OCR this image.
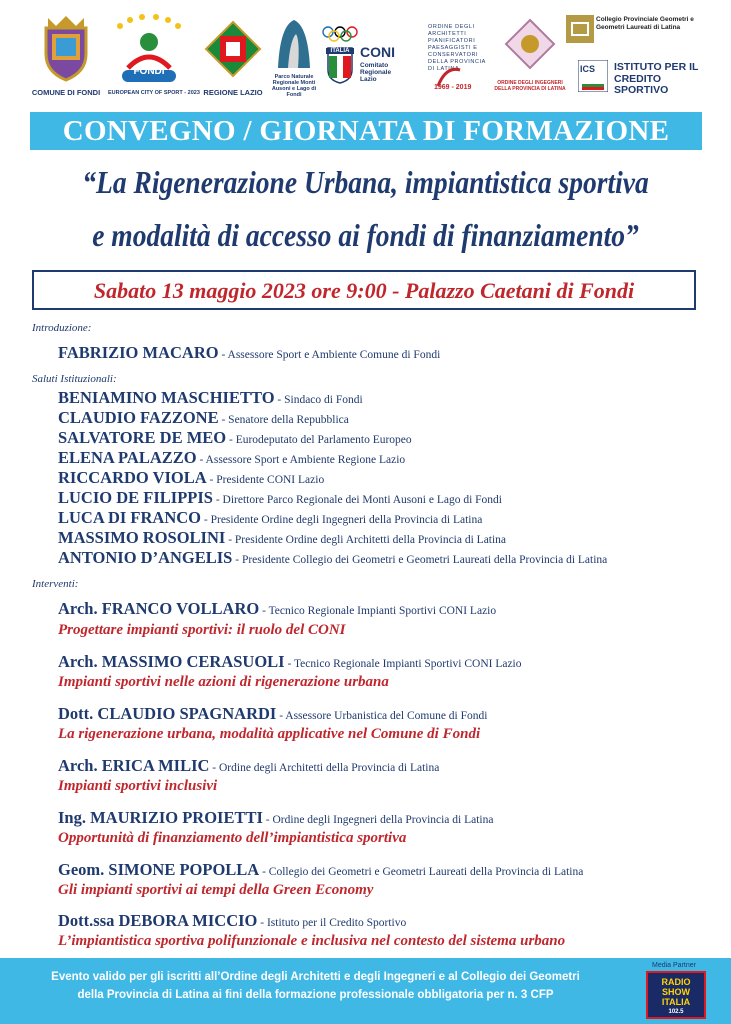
COMUNE DI FONDI
FONDI
EUROPEAN CITY OF SPORT - 2023 REGIONE LAZIO
Parco Naturale Regionale Monti Ausoni e Lago di Fondi
ITALIA CONI
Comitato Regionale Lazio
ORDINE DEGLI ARCHITETTI PIANIFICATORI PAESAGGISTI E CONSERVATORI DELLA PROVINCIA DI LATINA
1969 - 2019
ORDINE DEGLI INGEGNERI DELLA PROVINCIA DI LATINA
Collegio Provinciale Geometri e Geometri Laureati di Latina
ICS	ISTITUTO PER IL CREDITO SPORTIVO
CONVEGNO / GIORNATA DI FORMAZIONE
“La Rigenerazione Urbana, impiantistica sportiva
e modalità di accesso ai fondi di finanziamento”
Sabato 13 maggio 2023 ore 9:00 - Palazzo Caetani di Fondi
Introduzione:
FABRIZIO MACARO - Assessore Sport e Ambiente Comune di Fondi
Saluti Istituzionali:
BENIAMINO MASCHIETTO - Sindaco di Fondi
CLAUDIO FAZZONE - Senatore della Repubblica
SALVATORE DE MEO - Eurodeputato del Parlamento Europeo
ELENA PALAZZO - Assessore Sport e Ambiente Regione Lazio
RICCARDO VIOLA - Presidente CONI Lazio
LUCIO DE FILIPPIS - Direttore Parco Regionale dei Monti Ausoni e Lago di Fondi
LUCA DI FRANCO - Presidente Ordine degli Ingegneri della Provincia di Latina
MASSIMO ROSOLINI - Presidente Ordine degli Architetti della Provincia di Latina
ANTONIO D’ANGELIS - Presidente Collegio dei Geometri e Geometri Laureati della Provincia di Latina
Interventi:
Arch. FRANCO VOLLARO - Tecnico Regionale Impianti Sportivi CONI Lazio
Progettare impianti sportivi: il ruolo del CONI
Arch. MASSIMO CERASUOLI - Tecnico Regionale Impianti Sportivi CONI Lazio
Impianti sportivi nelle azioni di rigenerazione urbana
Dott. CLAUDIO SPAGNARDI - Assessore Urbanistica del Comune di Fondi
La rigenerazione urbana, modalità applicative nel Comune di Fondi
Arch. ERICA MILIC - Ordine degli Architetti della Provincia di Latina
Impianti sportivi inclusivi
Ing. MAURIZIO PROIETTI - Ordine degli Ingegneri della Provincia di Latina
Opportunità di finanziamento dell’impiantistica sportiva
Geom. SIMONE POPOLLA - Collegio dei Geometri e Geometri Laureati della Provincia di Latina
Gli impianti sportivi ai tempi della Green Economy
Dott.ssa DEBORA MICCIO - Istituto per il Credito Sportivo
L’impiantistica sportiva polifunzionale e inclusiva nel contesto del sistema urbano
Evento valido per gli iscritti all’Ordine degli Architetti e degli Ingegneri e al Collegio dei Geometri
della Provincia di Latina ai fini della formazione professionale obbligatoria per n. 3 CFP
Media Partner
RADIO
SHOW
ITALIA
102.5
